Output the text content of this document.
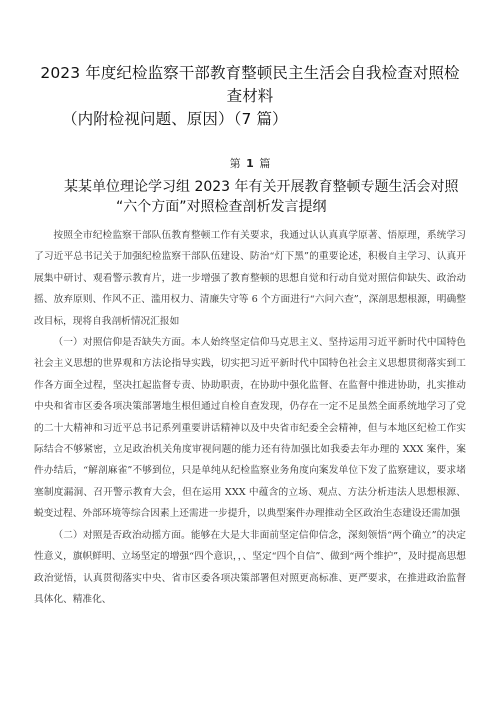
2023 年度纪检监察干部教育整顿民主生活会自我检查对照检查材料
（内附检视问题、原因）（7 篇）
第 1 篇
某某单位理论学习组 2023 年有关开展教育整顿专题生活会对照
“六个方面”对照检查剖析发言提纲

按照全市纪检监察干部队伍教育整顿工作有关要求，我通过认认真真学原著、悟原理，系统学习了习近平总书记关于加强纪检监察干部队伍建设、防治“灯下黑”的重要论述，积极自主学习、认真开展集中研讨、观看警示教育片，进一步增强了教育整顿的思想自觉和行动自觉对照信仰缺失、政治动摇、放弃原则、作风不正、滥用权力、清廉失守等 6 个方面进行“六问六查”，深剖思想根源，明确整改目标，现将自我剖析情况汇报如

（一）对照信仰是否缺失方面。本人始终坚定信仰马克思主义、坚持运用习近平新时代中国特色社会主义思想的世界观和方法论指导实践，切实把习近平新时代中国特色社会主义思想贯彻落实到工作各方面全过程，坚决扛起监督专责、协助职责，在协助中强化监督、在监督中推进协助，扎实推动中央和省市区委各项决策部署地生根但通过自检自查发现，仍存在一定不足虽然全面系统地学习了党的二十大精神和习近平总书记系列重要讲话精神以及中央省市纪委全会精神，但与本地区纪检工作实际结合不够紧密，立足政治机关角度审视问题的能力还有待加强比如我委去年办理的 XXX 案件，案件办结后，“解剖麻雀”不够到位，只是单纯从纪检监察业务角度向案发单位下发了监察建议，要求堵塞制度漏洞、召开警示教育大会，但在运用 XXX 中蕴含的立场、观点、方法分析违法人思想根源、蜕变过程、外部环境等综合因素上还需进一步提升，以典型案件办理推动全区政治生态建设还需加强

（二）对照是否政治动摇方面。能够在大是大非面前坚定信仰信念，深刻领悟“两个确立”的决定性意义，旗帜鲜明、立场坚定的增强“四个意识，，、坚定“四个自信”、做到“两个维护”，及时提高思想政治觉悟，认真贯彻落实中央、省市区委各项决策部署但对照更高标准、更严要求，在推进政治监督具体化、精准化、
